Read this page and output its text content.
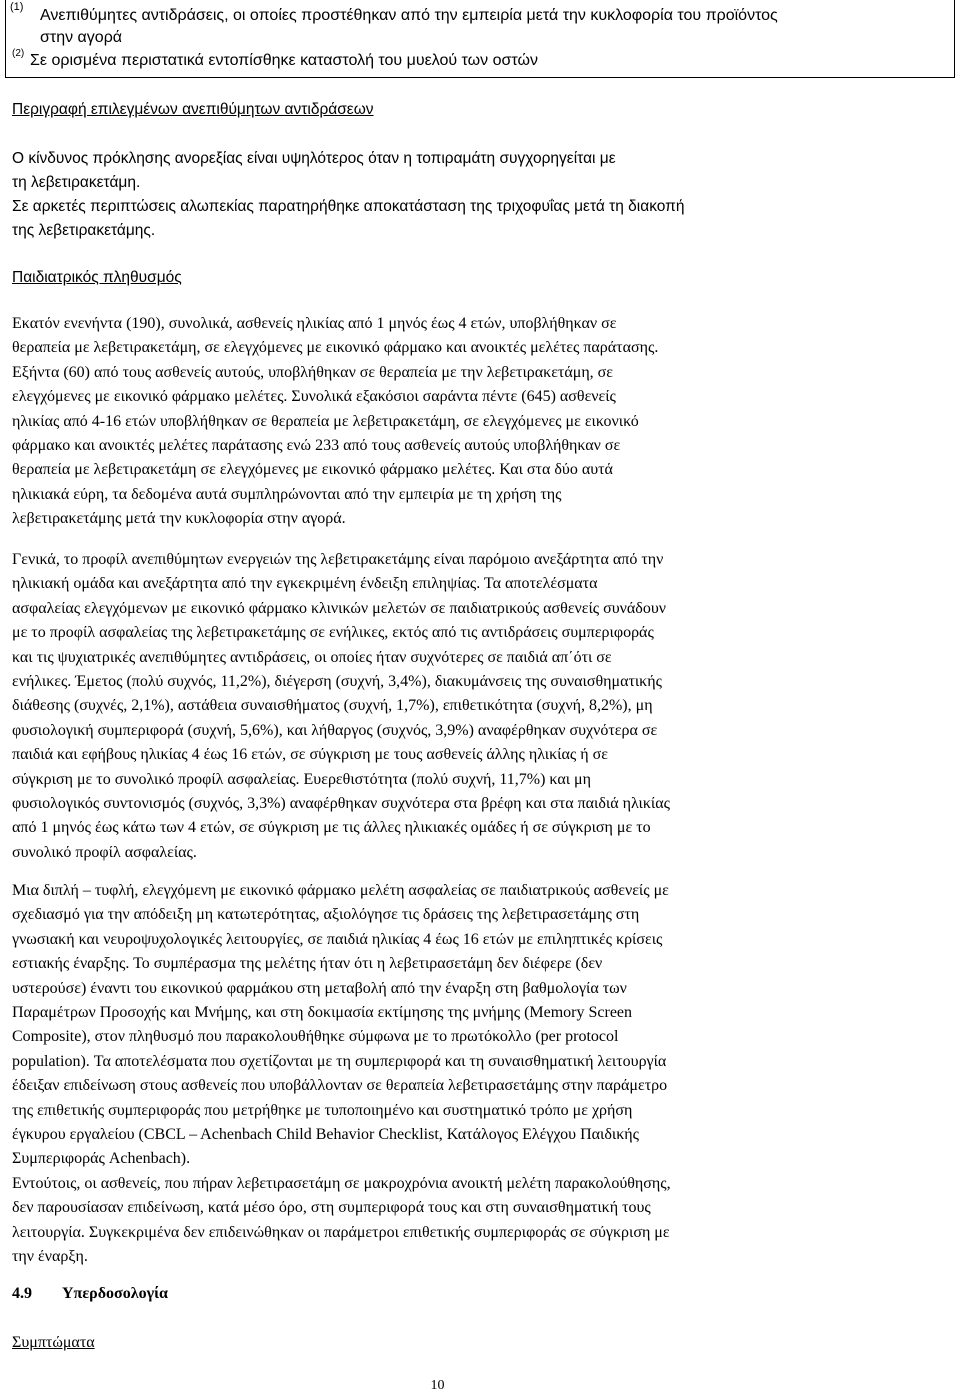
(1) Ανεπιθύμητες αντιδράσεις, οι οποίες προστέθηκαν από την εμπειρία μετά την κυκλοφορία του προϊόντος
στην αγορά
(2) Σε ορισμένα περιστατικά εντοπίσθηκε καταστολή του μυελού των οστών
Περιγραφή επιλεγμένων ανεπιθύμητων αντιδράσεων
Ο κίνδυνος πρόκλησης ανορεξίας είναι υψηλότερος όταν η τοπιραμάτη συγχορηγείται με
τη λεβετιρακετάμη.
Σε αρκετές περιπτώσεις αλωπεκίας παρατηρήθηκε αποκατάσταση της τριχοφυΐας μετά τη διακοπή
της λεβετιρακετάμης.
Παιδιατρικός πληθυσμός

Εκατόν ενενήντα (190), συνολικά, ασθενείς ηλικίας από 1 μηνός έως 4 ετών, υποβλήθηκαν σε

θεραπεία με λεβετιρακετάμη, σε ελεγχόμενες με εικονικό φάρμακο και ανοικτές μελέτες παράτασης.

Εξήντα (60) από τους ασθενείς αυτούς, υποβλήθηκαν σε θεραπεία με την λεβετιρακετάμη, σε

ελεγχόμενες με εικονικό φάρμακο μελέτες. Συνολικά εξακόσιοι σαράντα πέντε (645) ασθενείς

ηλικίας από 4-16 ετών υποβλήθηκαν σε θεραπεία με λεβετιρακετάμη, σε ελεγχόμενες με εικονικό

φάρμακο και ανοικτές μελέτες παράτασης ενώ 233 από τους ασθενείς αυτούς υποβλήθηκαν σε

θεραπεία με λεβετιρακετάμη σε ελεγχόμενες με εικονικό φάρμακο μελέτες. Και στα δύο αυτά

ηλικιακά εύρη, τα δεδομένα αυτά συμπληρώνονται από την εμπειρία με τη χρήση της

λεβετιρακετάμης μετά την κυκλοφορία στην αγορά.

Γενικά, το προφίλ ανεπιθύμητων ενεργειών της λεβετιρακετάμης είναι παρόμοιο ανεξάρτητα από την

ηλικιακή ομάδα και ανεξάρτητα από την εγκεκριμένη ένδειξη επιληψίας. Τα αποτελέσματα

ασφαλείας ελεγχόμενων με εικονικό φάρμακο κλινικών μελετών σε παιδιατρικούς ασθενείς συνάδουν

με το προφίλ ασφαλείας της λεβετιρακετάμης σε ενήλικες, εκτός από τις αντιδράσεις συμπεριφοράς

και τις ψυχιατρικές ανεπιθύμητες αντιδράσεις, οι οποίες ήταν συχνότερες σε παιδιά απ΄ότι σε

ενήλικες. Έμετος (πολύ συχνός, 11,2%), διέγερση (συχνή, 3,4%), διακυμάνσεις της συναισθηματικής

διάθεσης (συχνές, 2,1%), αστάθεια συναισθήματος (συχνή, 1,7%), επιθετικότητα (συχνή, 8,2%), μη

φυσιολογική συμπεριφορά (συχνή, 5,6%), και λήθαργος (συχνός, 3,9%) αναφέρθηκαν συχνότερα σε

παιδιά και εφήβους ηλικίας 4 έως 16 ετών, σε σύγκριση με τους ασθενείς άλλης ηλικίας ή σε

σύγκριση με το συνολικό προφίλ ασφαλείας. Ευερεθιστότητα (πολύ συχνή, 11,7%) και μη

φυσιολογικός συντονισμός (συχνός, 3,3%) αναφέρθηκαν συχνότερα στα βρέφη και στα παιδιά ηλικίας

από 1 μηνός έως κάτω των 4 ετών, σε σύγκριση με τις άλλες ηλικιακές ομάδες ή σε σύγκριση με το

συνολικό προφίλ ασφαλείας.

Μια διπλή – τυφλή, ελεγχόμενη με εικονικό φάρμακο μελέτη ασφαλείας σε παιδιατρικούς ασθενείς με

σχεδιασμό για την απόδειξη μη κατωτερότητας, αξιολόγησε τις δράσεις της λεβετιρασετάμης στη

γνωσιακή και νευροψυχολογικές λειτουργίες, σε παιδιά ηλικίας 4 έως 16 ετών με επιληπτικές κρίσεις

εστιακής έναρξης. Το συμπέρασμα της μελέτης ήταν ότι η λεβετιρασετάμη δεν διέφερε (δεν

υστερούσε) έναντι του εικονικού φαρμάκου στη μεταβολή από την έναρξη στη βαθμολογία των

Παραμέτρων Προσοχής και Μνήμης, και στη δοκιμασία εκτίμησης της μνήμης (Memory Screen

Composite), στον πληθυσμό που παρακολουθήθηκε σύμφωνα με το πρωτόκολλο (per protocol

population). Τα αποτελέσματα που σχετίζονται με τη συμπεριφορά και τη συναισθηματική λειτουργία

έδειξαν επιδείνωση στους ασθενείς που υποβάλλονταν σε θεραπεία λεβετιρασετάμης στην παράμετρο

της επιθετικής συμπεριφοράς που μετρήθηκε με τυποποιημένο και συστηματικό τρόπο με χρήση

έγκυρου εργαλείου (CBCL – Achenbach Child Behavior Checklist, Κατάλογος Ελέγχου Παιδικής

Συμπεριφοράς Achenbach).

Εντούτοις, οι ασθενείς, που πήραν λεβετιρασετάμη σε μακροχρόνια ανοικτή μελέτη παρακολούθησης,

δεν παρουσίασαν επιδείνωση, κατά μέσο όρο, στη συμπεριφορά τους και στη συναισθηματική τους

λειτουργία. Συγκεκριμένα δεν επιδεινώθηκαν οι παράμετροι επιθετικής συμπεριφοράς σε σύγκριση με

την έναρξη.

4.9 Υπερδοσολογία
Συμπτώματα
10
